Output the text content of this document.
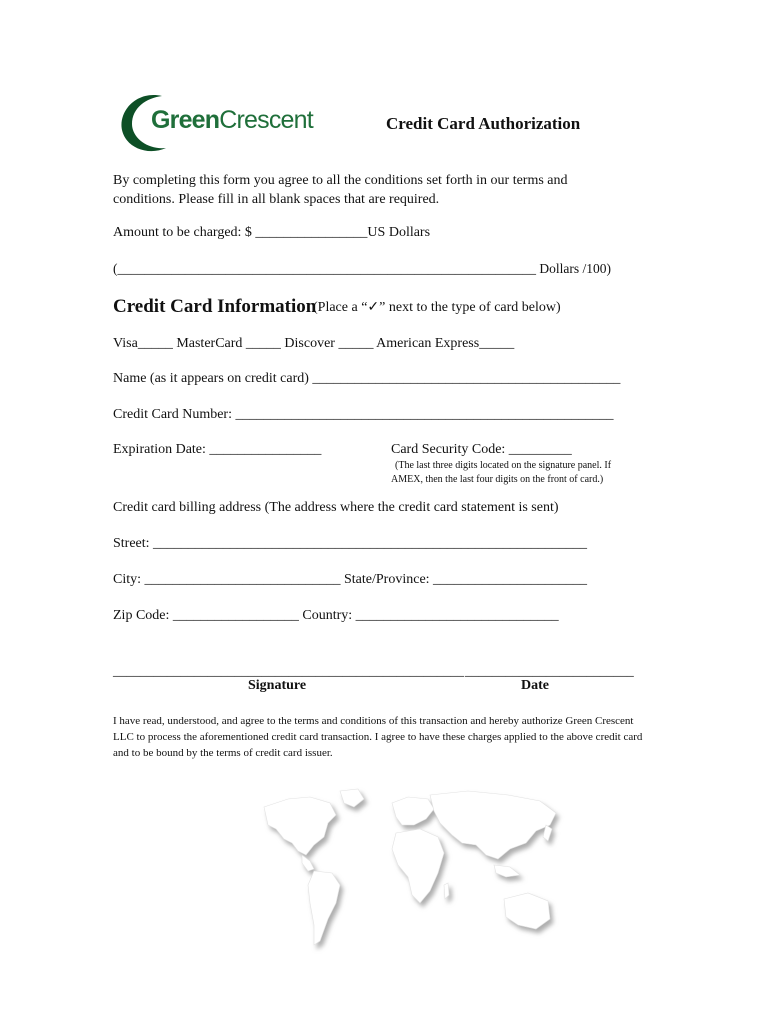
GreenCrescent	Credit Card Authorization
By completing this form you agree to all the conditions set forth in our terms and conditions. Please fill in all blank spaces that are required.
Amount to be charged: $ ________________US Dollars
(______________________________________________________________ Dollars /100)
Credit Card Information
(Place a “✓” next to the type of card below)
Visa_____ MasterCard _____ Discover _____ American Express_____
Name (as it appears on credit card) ____________________________________________
Credit Card Number: ______________________________________________________
Expiration Date: ________________	Card Security Code: _________
(The last three digits located on the signature panel. If
AMEX, then the last four digits on the front of card.)
Credit card billing address (The address where the credit card statement is sent)
Street: ______________________________________________________________
City: ____________________________ State/Province: ______________________
Zip Code: __________________ Country: _____________________________
____________________________________________________ _________________________
Signature	Date
I have read, understood, and agree to the terms and conditions of this transaction and hereby authorize Green Crescent LLC to process the aforementioned credit card transaction. I agree to have these charges applied to the above credit card and to be bound by the terms of credit card issuer.
